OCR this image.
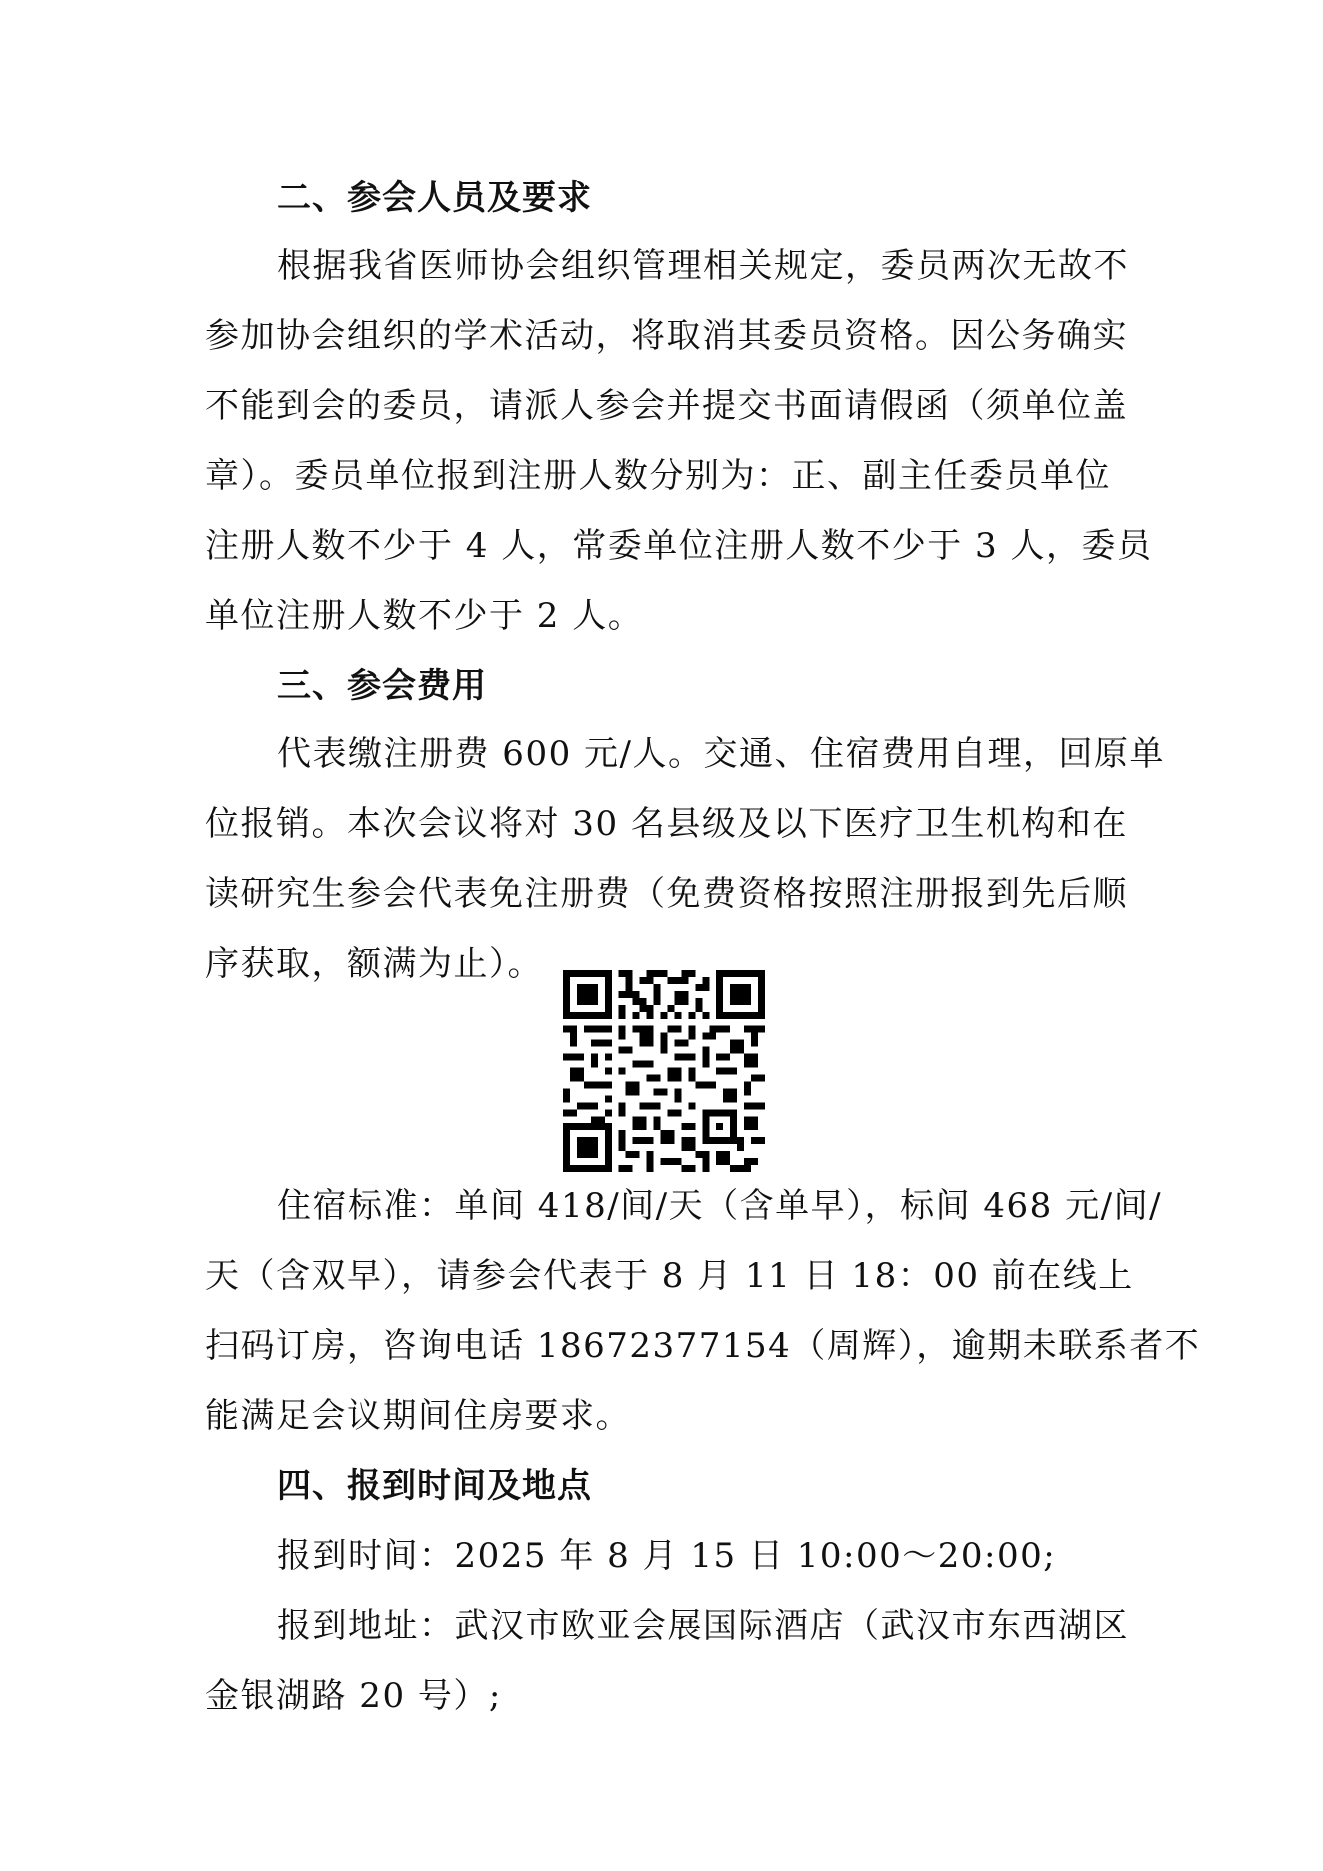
二、参会人员及要求
根据我省医师协会组织管理相关规定，委员两次无故不
参加协会组织的学术活动，将取消其委员资格。因公务确实
不能到会的委员，请派人参会并提交书面请假函（须单位盖
章）。委员单位报到注册人数分别为：正、副主任委员单位
注册人数不少于 4 人，常委单位注册人数不少于 3 人，委员
单位注册人数不少于 2 人。
三、参会费用
代表缴注册费 600 元/人。交通、住宿费用自理，回原单
位报销。本次会议将对 30 名县级及以下医疗卫生机构和在
读研究生参会代表免注册费（免费资格按照注册报到先后顺
序获取，额满为止）。
住宿标准：单间 418/间/天（含单早），标间 468 元/间/
天（含双早），请参会代表于 8 月 11 日 18：00 前在线上
扫码订房，咨询电话 18672377154（周辉），逾期未联系者不
能满足会议期间住房要求。
四、报到时间及地点
报到时间：2025 年 8 月 15 日 10:00～20:00;
报到地址：武汉市欧亚会展国际酒店（武汉市东西湖区
金银湖路 20 号）;
